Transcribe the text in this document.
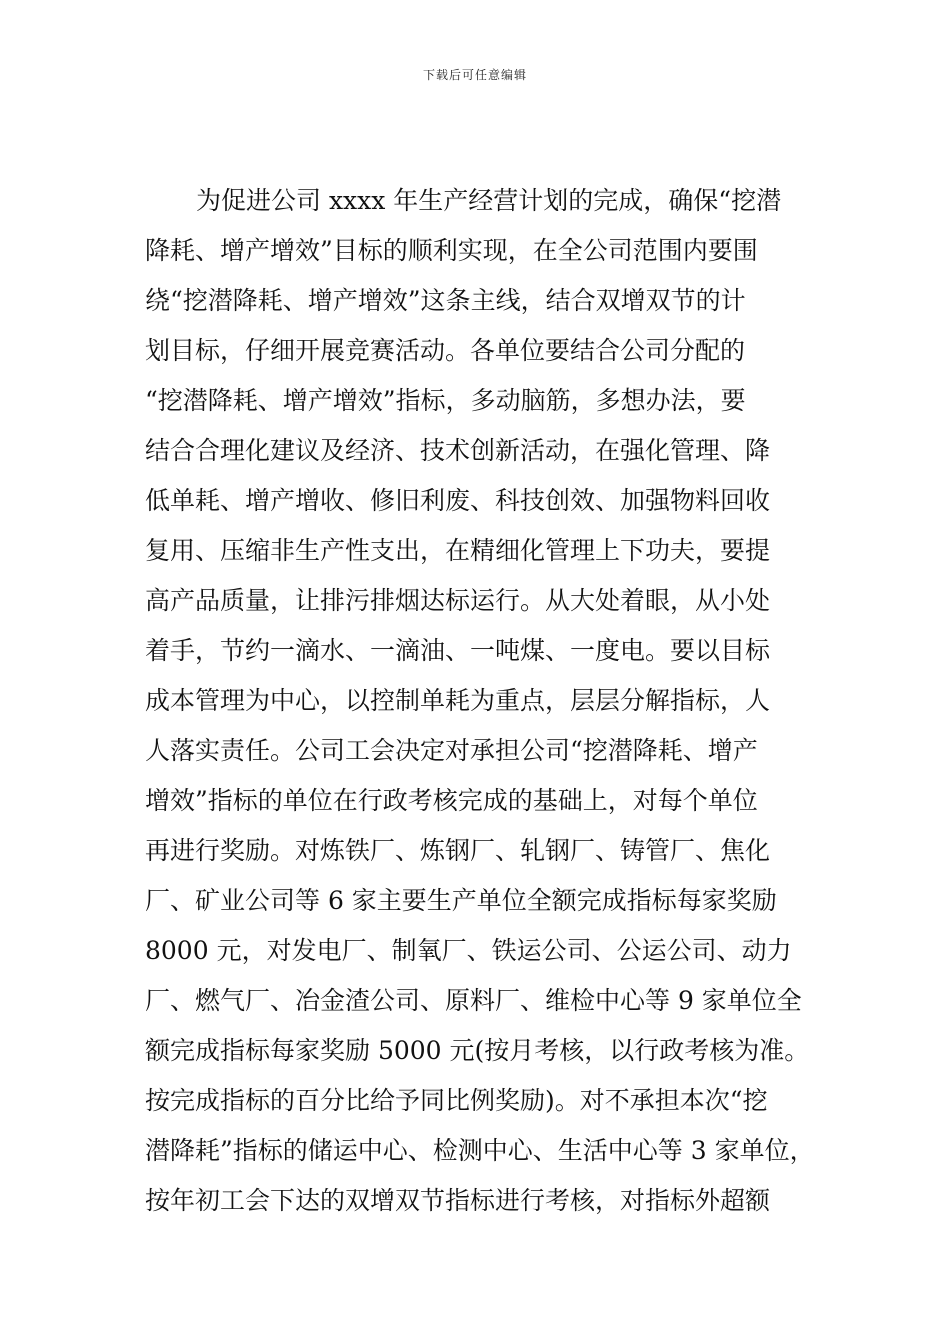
下载后可任意编辑
为促进公司 xxxx 年生产经营计划的完成，确保“挖潜
降耗、增产增效”目标的顺利实现，在全公司范围内要围
绕“挖潜降耗、增产增效”这条主线，结合双增双节的计
划目标，仔细开展竞赛活动。各单位要结合公司分配的
“挖潜降耗、增产增效”指标，多动脑筋，多想办法，要
结合合理化建议及经济、技术创新活动，在强化管理、降
低单耗、增产增收、修旧利废、科技创效、加强物料回收
复用、压缩非生产性支出，在精细化管理上下功夫，要提
高产品质量，让排污排烟达标运行。从大处着眼，从小处
着手，节约一滴水、一滴油、一吨煤、一度电。要以目标
成本管理为中心，以控制单耗为重点，层层分解指标，人
人落实责任。公司工会决定对承担公司“挖潜降耗、增产
增效”指标的单位在行政考核完成的基础上，对每个单位
再进行奖励。对炼铁厂、炼钢厂、轧钢厂、铸管厂、焦化
厂、矿业公司等 6 家主要生产单位全额完成指标每家奖励
8000 元，对发电厂、制氧厂、铁运公司、公运公司、动力
厂、燃气厂、冶金渣公司、原料厂、维检中心等 9 家单位全
额完成指标每家奖励 5000 元(按月考核，以行政考核为准。
按完成指标的百分比给予同比例奖励)。对不承担本次“挖
潜降耗”指标的储运中心、检测中心、生活中心等 3 家单位，
按年初工会下达的双增双节指标进行考核，对指标外超额
